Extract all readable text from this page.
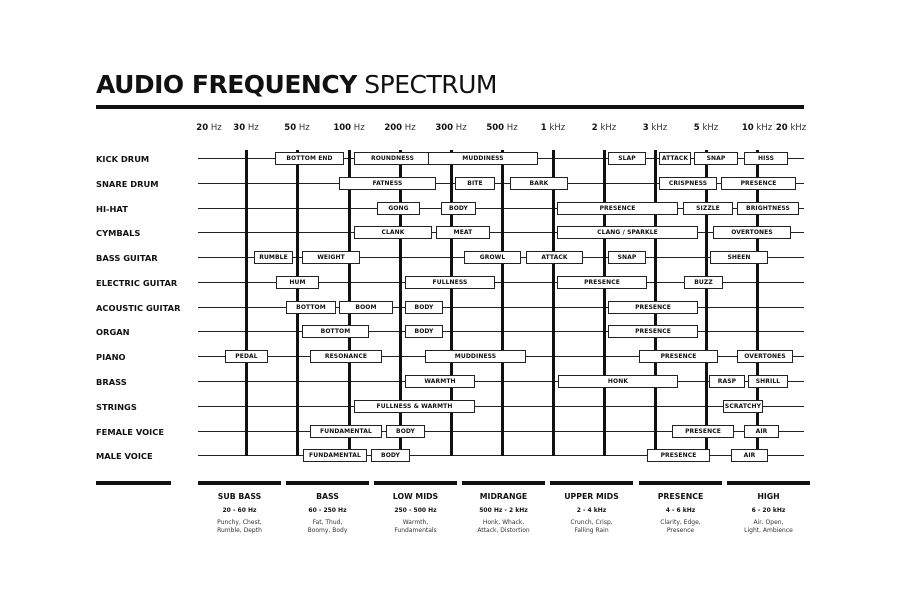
AUDIO FREQUENCY SPECTRUM
20 Hz 30 Hz	50 Hz	100 Hz 200 Hz 300 Hz 500 Hz	1 kHz	2 kHz	3 kHz	5 kHz	10 kHz 20 kHz
KICK DRUM	BOTTOM END	ROUNDNESS	MUDDINESS	SLAP	ATTACK	SNAP	HISS
SNARE DRUM	FATNESS	BITE	BARK	CRISPNESS	PRESENCE
HI-HAT	GONG	BODY	PRESENCE	SIZZLE	BRIGHTNESS
CYMBALS	CLANK	MEAT	CLANG / SPARKLE	OVERTONES
BASS GUITAR	RUMBLE	WEIGHT	GROWL	ATTACK	SNAP	SHEEN
ELECTRIC GUITAR	HUM	FULLNESS	PRESENCE	BUZZ
ACOUSTIC GUITAR	BOTTOM	BOOM	BODY	PRESENCE
ORGAN	BOTTOM	BODY	PRESENCE
PIANO	PEDAL	RESONANCE	MUDDINESS	PRESENCE	OVERTONES
BRASS	WARMTH	HONK	RASP	SHRILL
STRINGS	FULLNESS & WARMTH	SCRATCHY
FEMALE VOICE	FUNDAMENTAL	BODY	PRESENCE	AIR
MALE VOICE	FUNDAMENTAL	BODY	PRESENCE	AIR
SUB BASS
20 - 60 Hz
Punchy, Chest,
Rumble, Depth
BASS
60 - 250 Hz
Fat, Thud,
Boomy, Body
LOW MIDS
250 - 500 Hz
Warmth,
Fundamentals
MIDRANGE
500 Hz - 2 kHz
Honk, Whack,
Attack, Distortion
UPPER MIDS
2 - 4 kHz
Crunch, Crisp,
Falling Rain
PRESENCE
4 - 6 kHz
Clarity, Edge,
Presence
HIGH
6 - 20 kHz
Air, Open,
Light, Ambience
